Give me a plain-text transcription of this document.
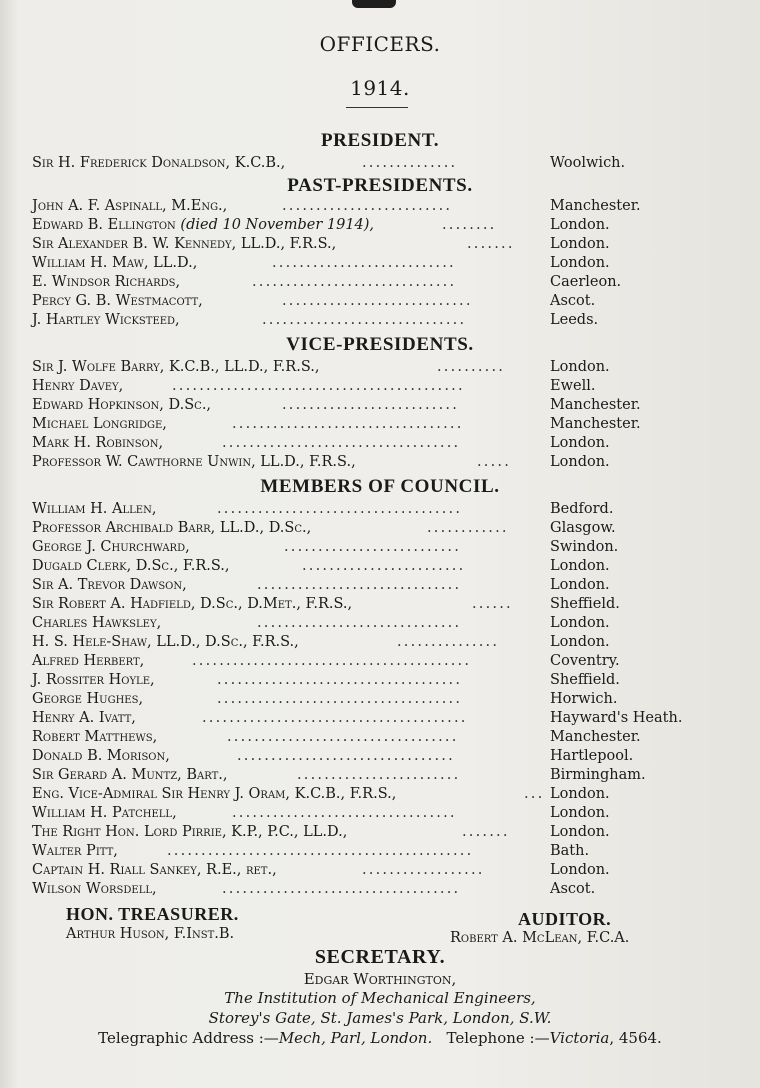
OFFICERS.
1914.
PRESIDENT.
Sir H. Frederick Donaldson, K.C.B.,	..............	Woolwich.
PAST-PRESIDENTS.
John A. F. Aspinall, M.Eng.,	.........................	Manchester.
Edward B. Ellington (died 10 November 1914),	........	London.
Sir Alexander B. W. Kennedy, LL.D., F.R.S.,	.......	London.
William H. Maw, LL.D.,	...........................	London.
E. Windsor Richards,	..............................	Caerleon.
Percy G. B. Westmacott,	............................	Ascot.
J. Hartley Wicksteed,	..............................	Leeds.
VICE-PRESIDENTS.
Sir J. Wolfe Barry, K.C.B., LL.D., F.R.S.,	..........	London.
Henry Davey,	...........................................	Ewell.
Edward Hopkinson, D.Sc.,	..........................	Manchester.
Michael Longridge,	..................................	Manchester.
Mark H. Robinson,	...................................	London.
Professor W. Cawthorne Unwin, LL.D., F.R.S.,	.....	London.
MEMBERS OF COUNCIL.
William H. Allen,	....................................	Bedford.
Professor Archibald Barr, LL.D., D.Sc.,	............	Glasgow.
George J. Churchward,	..........................	Swindon.
Dugald Clerk, D.Sc., F.R.S.,	........................	London.
Sir A. Trevor Dawson,	..............................	London.
Sir Robert A. Hadfield, D.Sc., D.Met., F.R.S.,	......	Sheffield.
Charles Hawksley,	..............................	London.
H. S. Hele-Shaw, LL.D., D.Sc., F.R.S.,	...............	London.
Alfred Herbert,	.........................................	Coventry.
J. Rossiter Hoyle,	....................................	Sheffield.
George Hughes,	....................................	Horwich.
Henry A. Ivatt,	.......................................	Hayward's Heath.
Robert Matthews,	..................................	Manchester.
Donald B. Morison,	................................	Hartlepool.
Sir Gerard A. Muntz, Bart.,	........................	Birmingham.
Eng. Vice-Admiral Sir Henry J. Oram, K.C.B., F.R.S.,	... London.
William H. Patchell,	.................................	London.
The Right Hon. Lord Pirrie, K.P., P.C., LL.D.,	.......	London.
Walter Pitt,	.............................................	Bath.
Captain H. Riall Sankey, R.E., ret.,	..................	London.
Wilson Worsdell,	...................................	Ascot.
HON. TREASURER.
Arthur Huson, F.Inst.B.
AUDITOR.
Robert A. McLean, F.C.A.
SECRETARY.
Edgar Worthington,
The Institution of Mechanical Engineers,
Storey's Gate, St. James's Park, London, S.W.
Telegraphic Address :—Mech, Parl, London. Telephone :—Victoria, 4564.
